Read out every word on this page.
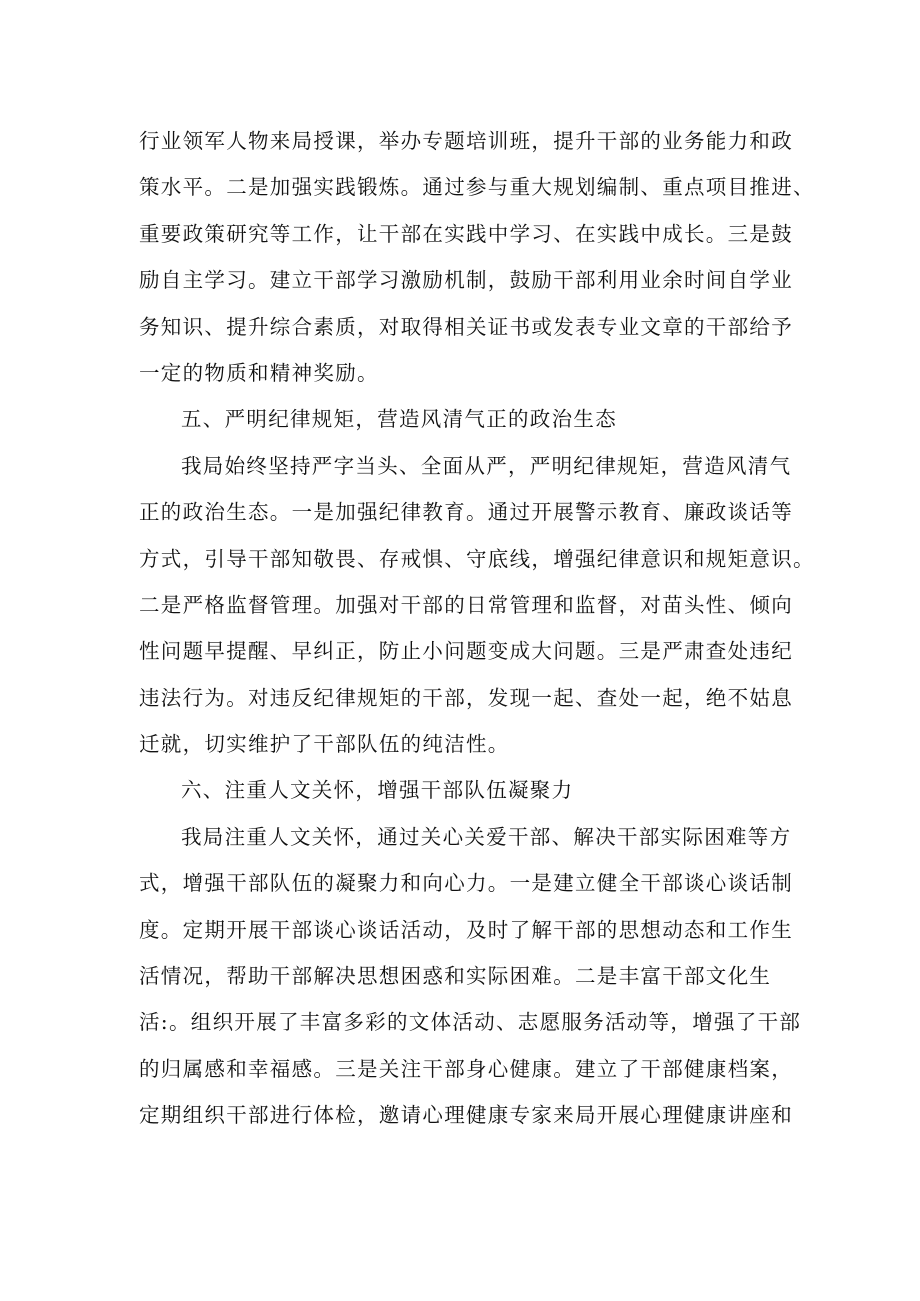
行业领军人物来局授课，举办专题培训班，提升干部的业务能力和政
策水平。二是加强实践锻炼。通过参与重大规划编制、重点项目推进、
重要政策研究等工作，让干部在实践中学习、在实践中成长。三是鼓
励自主学习。建立干部学习激励机制，鼓励干部利用业余时间自学业
务知识、提升综合素质，对取得相关证书或发表专业文章的干部给予
一定的物质和精神奖励。
五、严明纪律规矩，营造风清气正的政治生态
我局始终坚持严字当头、全面从严，严明纪律规矩，营造风清气
正的政治生态。一是加强纪律教育。通过开展警示教育、廉政谈话等
方式，引导干部知敬畏、存戒惧、守底线，增强纪律意识和规矩意识。
二是严格监督管理。加强对干部的日常管理和监督，对苗头性、倾向
性问题早提醒、早纠正，防止小问题变成大问题。三是严肃查处违纪
违法行为。对违反纪律规矩的干部，发现一起、查处一起，绝不姑息
迁就，切实维护了干部队伍的纯洁性。
六、注重人文关怀，增强干部队伍凝聚力
我局注重人文关怀，通过关心关爱干部、解决干部实际困难等方
式，增强干部队伍的凝聚力和向心力。一是建立健全干部谈心谈话制
度。定期开展干部谈心谈话活动，及时了解干部的思想动态和工作生
活情况，帮助干部解决思想困惑和实际困难。二是丰富干部文化生
活:。组织开展了丰富多彩的文体活动、志愿服务活动等，增强了干部
的归属感和幸福感。三是关注干部身心健康。建立了干部健康档案，
定期组织干部进行体检，邀请心理健康专家来局开展心理健康讲座和
